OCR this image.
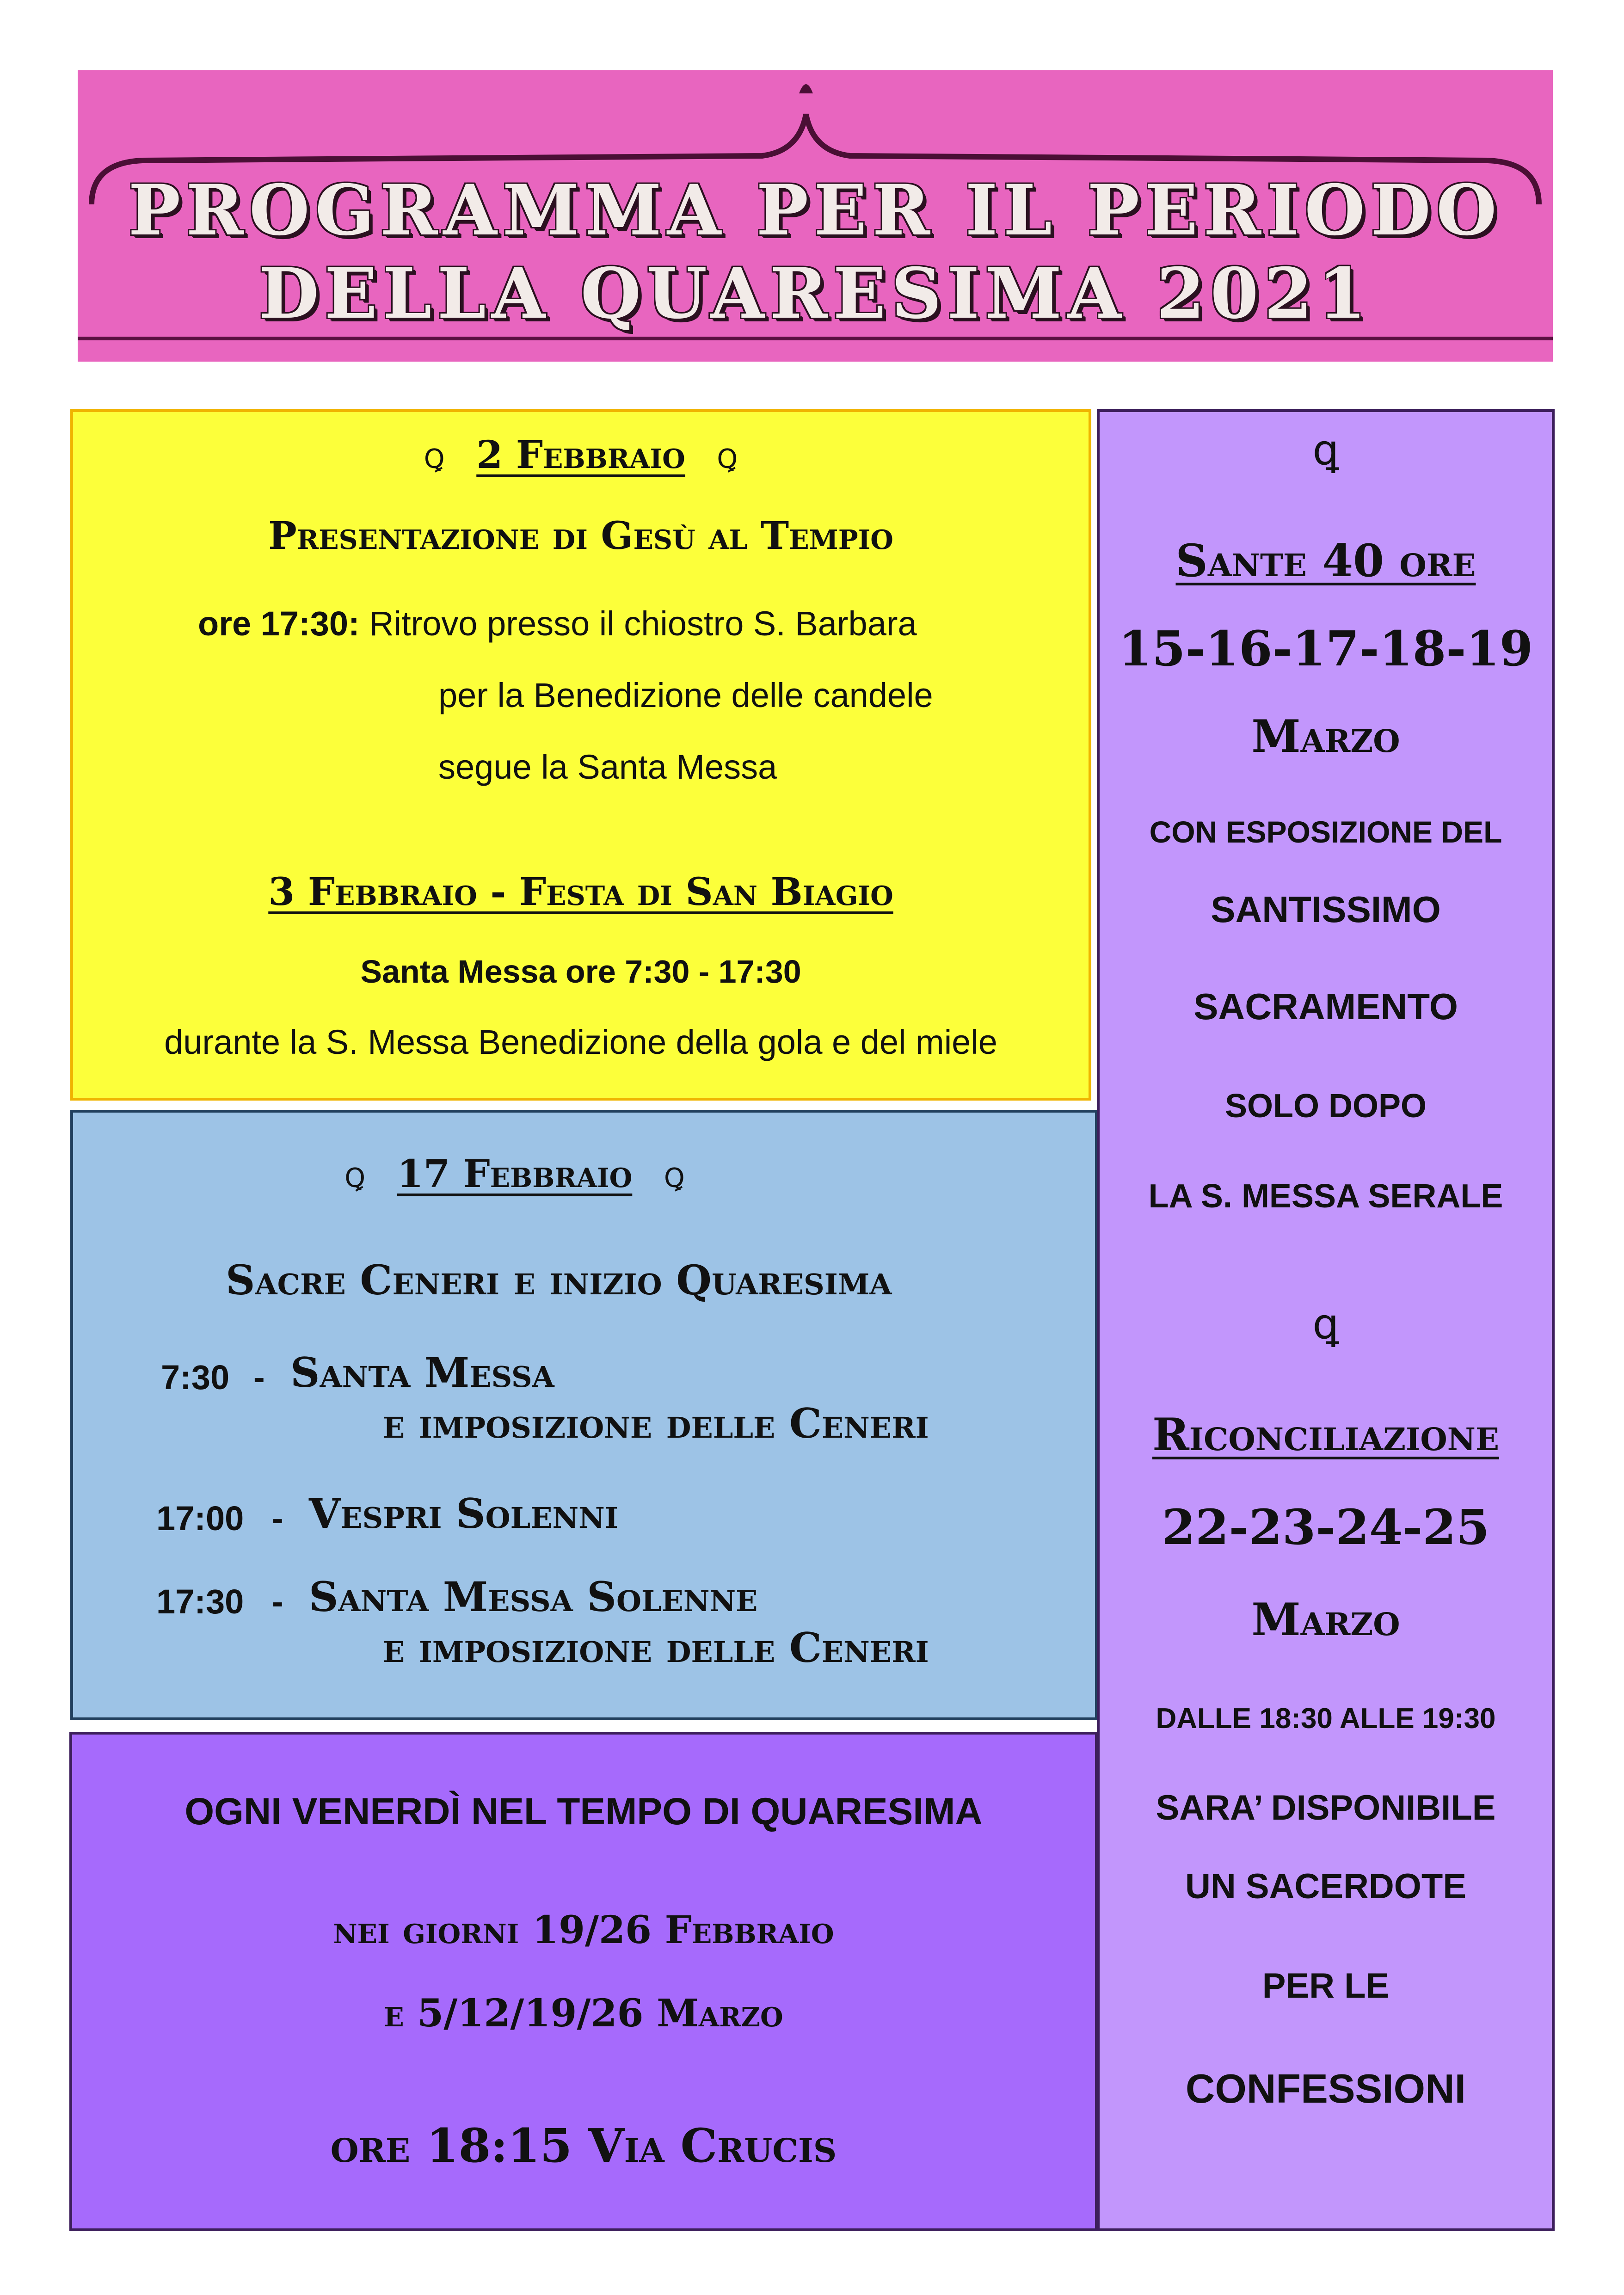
PROGRAMMA PER IL PERIODO
DELLA QUARESIMA 2021
ꝗ 2 Febbraio ꝗ
Presentazione di Gesù al Tempio
ore 17:30: Ritrovo presso il chiostro S. Barbara
per la Benedizione delle candele
segue la Santa Messa
3 Febbraio - Festa di San Biagio
Santa Messa ore 7:30 - 17:30
durante la S. Messa Benedizione della gola e del miele
ꝗ 17 Febbraio ꝗ
Sacre Ceneri e inizio Quaresima
7:30 - Santa Messa
e imposizione delle Ceneri
17:00 - Vespri Solenni
17:30 - Santa Messa Solenne
e imposizione delle Ceneri
OGNI VENERDÌ NEL TEMPO DI QUARESIMA
nei giorni 19/26 Febbraio
e 5/12/19/26 Marzo
ore 18:15 Via Crucis
ꝗ
Sante 40 ore
15-16-17-18-19
Marzo
CON ESPOSIZIONE DEL
SANTISSIMO
SACRAMENTO
SOLO DOPO
LA S. MESSA SERALE
ꝗ
Riconciliazione
22-23-24-25
Marzo
DALLE 18:30 ALLE 19:30
SARA’ DISPONIBILE
UN SACERDOTE
PER LE
CONFESSIONI
